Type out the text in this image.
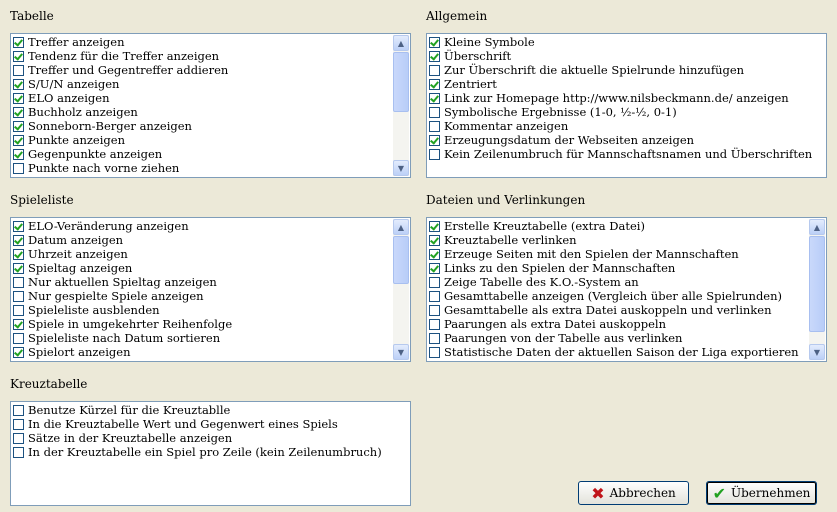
Tabelle
Treffer anzeigen
Tendenz für die Treffer anzeigen
Treffer und Gegentreffer addieren
S/U/N anzeigen
ELO anzeigen
Buchholz anzeigen
Sonneborn-Berger anzeigen
Punkte anzeigen
Gegenpunkte anzeigen
Punkte nach vorne ziehen
▲
▼
Allgemein
Kleine Symbole
Überschrift
Zur Überschrift die aktuelle Spielrunde hinzufügen
Zentriert
Link zur Homepage http://www.nilsbeckmann.de/ anzeigen
Symbolische Ergebnisse (1-0, ½-½, 0-1)
Kommentar anzeigen
Erzeugungsdatum der Webseiten anzeigen
Kein Zeilenumbruch für Mannschaftsnamen und Überschriften
Spieleliste
ELO-Veränderung anzeigen
Datum anzeigen
Uhrzeit anzeigen
Spieltag anzeigen
Nur aktuellen Spieltag anzeigen
Nur gespielte Spiele anzeigen
Spieleliste ausblenden
Spiele in umgekehrter Reihenfolge
Spieleliste nach Datum sortieren
Spielort anzeigen
▲
▼
Dateien und Verlinkungen
Erstelle Kreuztabelle (extra Datei)
Kreuztabelle verlinken
Erzeuge Seiten mit den Spielen der Mannschaften
Links zu den Spielen der Mannschaften
Zeige Tabelle des K.O.-System an
Gesamttabelle anzeigen (Vergleich über alle Spielrunden)
Gesamttabelle als extra Datei auskoppeln und verlinken
Paarungen als extra Datei auskoppeln
Paarungen von der Tabelle aus verlinken
Statistische Daten der aktuellen Saison der Liga exportieren
▲
▼
Kreuztabelle
Benutze Kürzel für die Kreuztablle
In die Kreuztabelle Wert und Gegenwert eines Spiels
Sätze in der Kreuztabelle anzeigen
In der Kreuztabelle ein Spiel pro Zeile (kein Zeilenumbruch)
✖ Abbrechen ✔ Übernehmen
